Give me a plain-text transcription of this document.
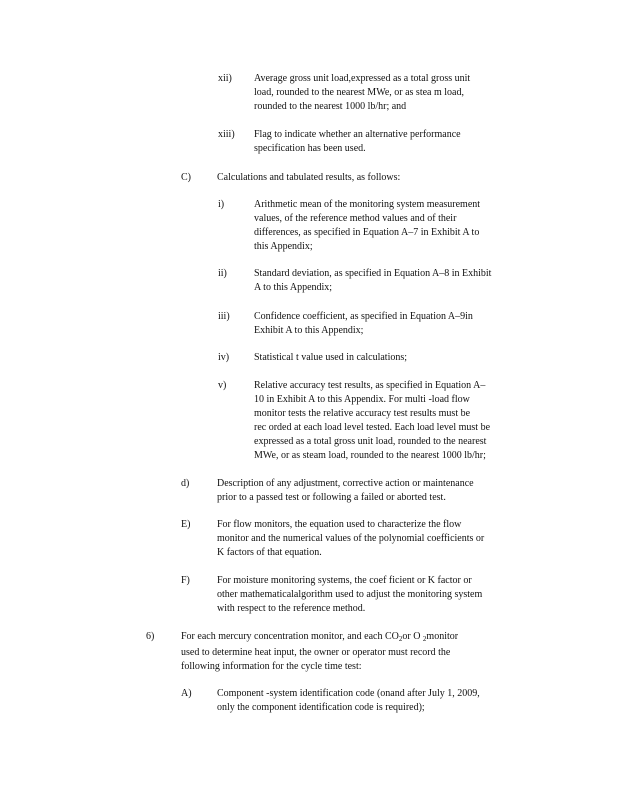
xii) Average gross unit load,expressed as a total gross unit
load, rounded to the nearest MWe, or as stea m load,
rounded to the nearest 1000 lb/hr; and
xiii) Flag to indicate whether an alternative performance
specification has been used.
C)	Calculations and tabulated results, as follows:
i)	Arithmetic mean of the monitoring system measurement
values, of the reference method values and of their
differences, as specified in Equation A–7 in Exhibit A to
this Appendix;
ii)	Standard deviation, as specified in Equation A–8 in Exhibit
A to this Appendix;
iii) Confidence coefficient, as specified in Equation A–9in
Exhibit A to this Appendix;
iv) Statistical t value used in calculations;
v)	Relative accuracy test results, as specified in Equation A–
10 in Exhibit A to this Appendix. For multi -load flow
monitor tests the relative accuracy test results must be
rec orded at each load level tested. Each load level must be
expressed as a total gross unit load, rounded to the nearest
MWe, or as steam load, rounded to the nearest 1000 lb/hr;
d)	Description of any adjustment, corrective action or maintenance
prior to a passed test or following a failed or aborted test.
E)	For flow monitors, the equation used to characterize the flow
monitor and the numerical values of the polynomial coefficients or
K factors of that equation.
F)	For moisture monitoring systems, the coef ficient or K factor or
other mathematicalalgorithm used to adjust the monitoring system
with respect to the reference method.
6)	For each mercury concentration monitor, and each $CO_2or$ O $_2$monitor
used to determine heat input, the owner or operator must record the
following information for the cycle time test:
A)	Component -system identification code (onand after July 1, 2009,
only the component identification code is required);
